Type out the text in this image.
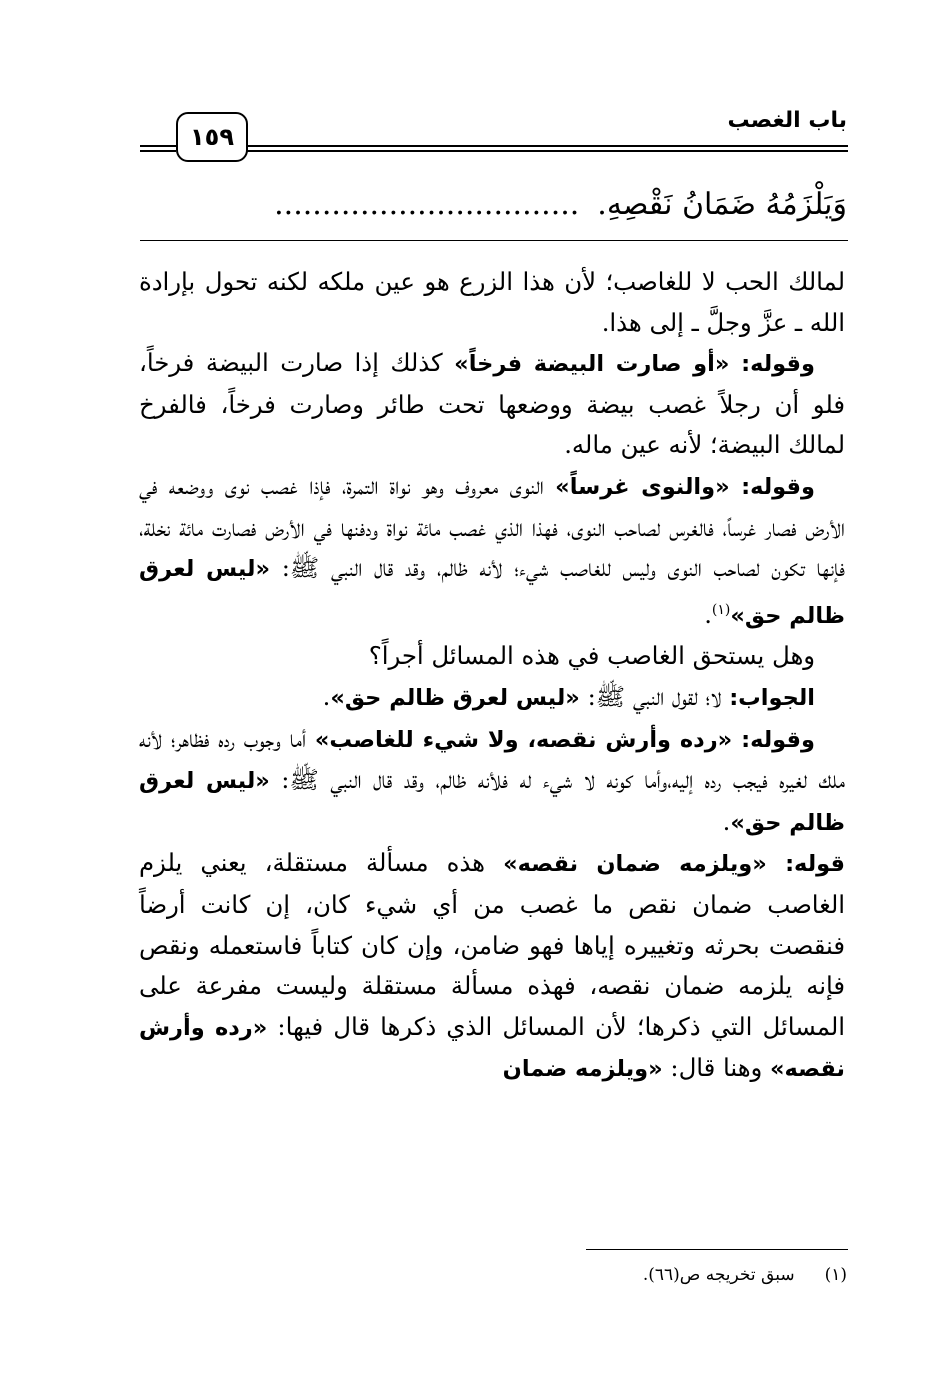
باب الغصب
١٥٩
وَيَلْزَمُهُ ضَمَانُ نَقْصِهِ.................................

لمالك الحب لا للغاصب؛ لأن هذا الزرع هو عين ملكه لكنه تحول بإرادة الله ـ عزَّ وجلَّ ـ إلى هذا.

وقوله: «أو صارت البيضة فرخاً» كذلك إذا صارت البيضة فرخاً، فلو أن رجلاً غصب بيضة ووضعها تحت طائر وصارت فرخاً، فالفرخ لمالك البيضة؛ لأنه عين ماله.

وقوله: «والنوى غرساً» النوى معروف وهو نواة التمرة، فإذا غصب نوى ووضعه في الأرض فصار غرساً، فالغرس لصاحب النوى، فهذا الذي غصب مائة نواة ودفنها في الأرض فصارت مائة نخلة، فإنها تكون لصاحب النوى وليس للغاصب شيء؛ لأنه ظالم، وقد قال النبي ﷺ: «ليس لعرق ظالم حق»$^{(١)}$.

وهل يستحق الغاصب في هذه المسائل أجراً؟

الجواب: لا؛ لقول النبي ﷺ: «ليس لعرق ظالم حق».

وقوله: «رده وأرش نقصه، ولا شيء للغاصب» أما وجوب رده فظاهر؛ لأنه ملك لغيره فيجب رده إليه،وأما كونه لا شيء له فلأنه ظالم، وقد قال النبي ﷺ: «ليس لعرق ظالم حق».

قوله: «ويلزمه ضمان نقصه» هذه مسألة مستقلة، يعني يلزم الغاصب ضمان نقص ما غصب من أي شيء كان، إن كانت أرضاً فنقصت بحرثه وتغييره إياها فهو ضامن، وإن كان كتاباً فاستعمله ونقص فإنه يلزمه ضمان نقصه، فهذه مسألة مستقلة وليست مفرعة على المسائل التي ذكرها؛ لأن المسائل الذي ذكرها قال فيها: «رده وأرش نقصه» وهنا قال: «ويلزمه ضمان

(١)سبق تخريجه ص(٦٦).
